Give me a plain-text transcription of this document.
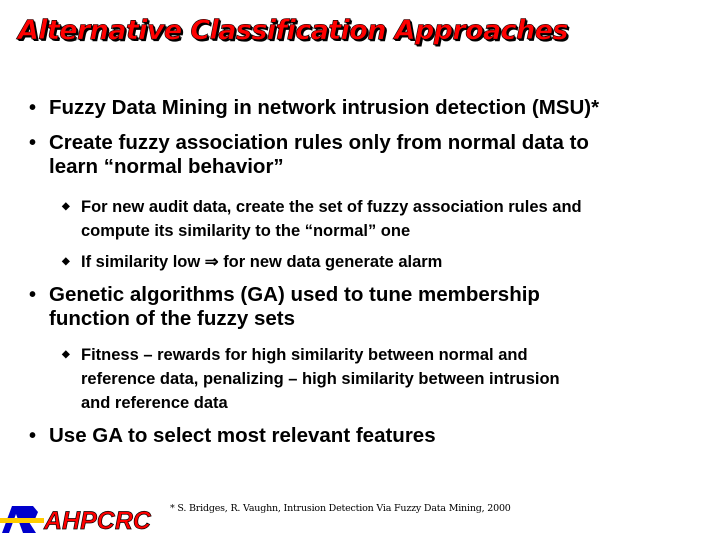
Alternative Classification Approaches
• Fuzzy Data Mining in network intrusion detection (MSU)*
• Create fuzzy association rules only from normal data to
learn “normal behavior”
◆ For new audit data, create the set of fuzzy association rules and
compute its similarity to the “normal” one
◆ If similarity low ⇒ for new data generate alarm
• Genetic algorithms (GA) used to tune membership
function of the fuzzy sets
◆ Fitness – rewards for high similarity between normal and
reference data, penalizing – high similarity between intrusion
and reference data
• Use GA to select most relevant features
AHPCRC * S. Bridges, R. Vaughn, Intrusion Detection Via Fuzzy Data Mining, 2000
